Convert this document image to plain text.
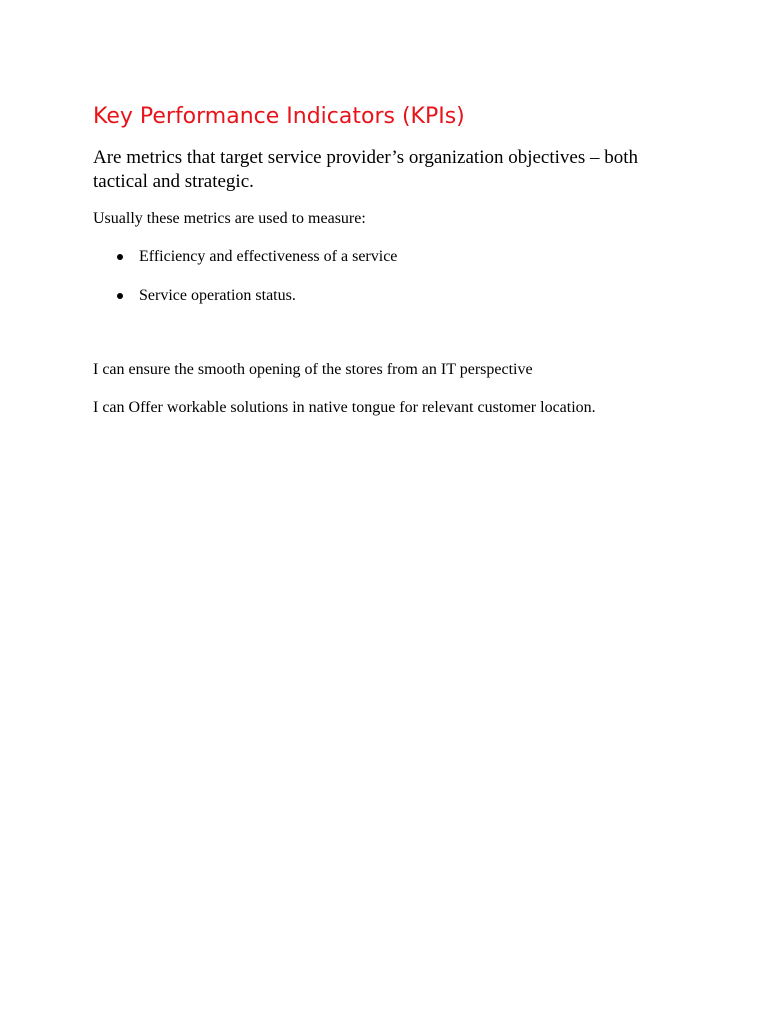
Key Performance Indicators (KPIs)

Are metrics that target service provider’s organization objectives – both tactical and strategic.

Usually these metrics are used to measure:

Efficiency and effectiveness of a service
Service operation status.

I can ensure the smooth opening of the stores from an IT perspective

I can Offer workable solutions in native tongue for relevant customer location.
